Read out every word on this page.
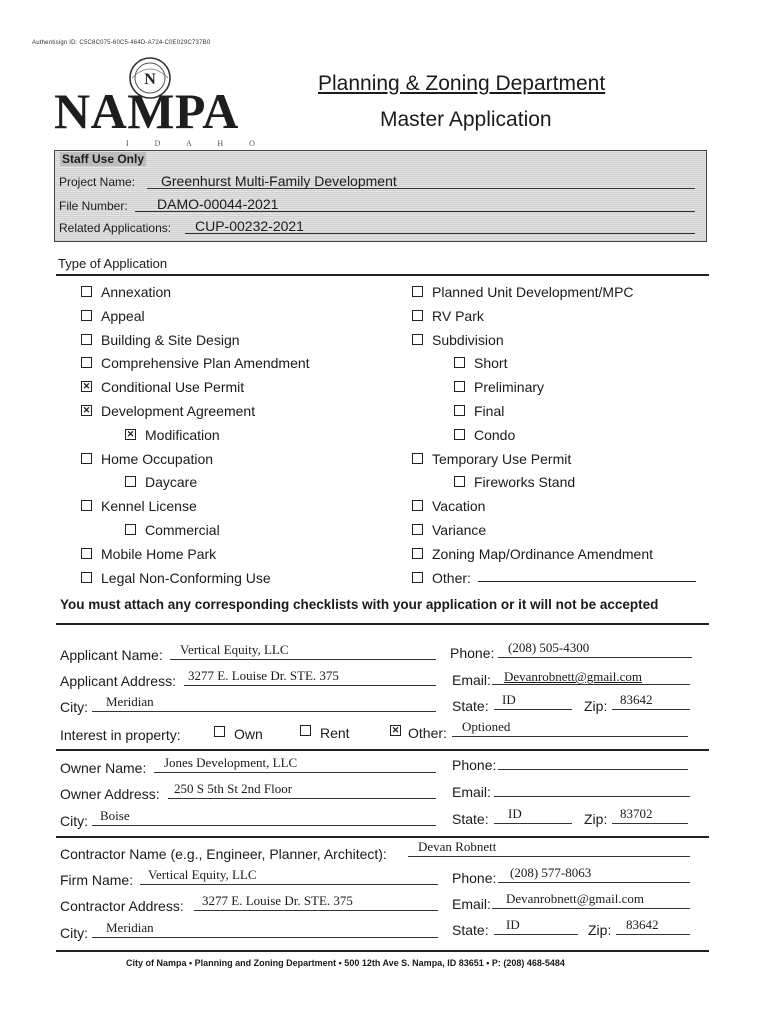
Authentisign ID: C5C8C075-60C5-464D-A724-C0E029C737B0
N
NAMPA
I D A H O
Planning & Zoning Department
Master Application
Staff Use Only
Project Name: Greenhurst Multi-Family Development
File Number: DAMO-00044-2021
Related Applications: CUP-00232-2021
Type of Application
Annexation
Appeal
Building & Site Design
Comprehensive Plan Amendment
✕ Conditional Use Permit
✕ Development Agreement
✕ Modification
Home Occupation
Daycare
Kennel License
Commercial
Mobile Home Park
Legal Non-Conforming Use
Planned Unit Development/MPC
RV Park
Subdivision
Short
Preliminary
Final
Condo
Temporary Use Permit
Fireworks Stand
Vacation
Variance
Zoning Map/Ordinance Amendment
Other:
You must attach any corresponding checklists with your application or it will not be accepted
Applicant Name: Vertical Equity, LLC	Phone: (208) 505-4300
Applicant Address: 3277 E. Louise Dr. STE. 375	Email: Devanrobnett@gmail.com
City: Meridian	State: ID	Zip: 83642
Interest in property:	Own	Rent	✕ Other: Optioned
Owner Name: Jones Development, LLC	Phone:
Owner Address: 250 S 5th St 2nd Floor	Email:
City: Boise	State: ID	Zip: 83702
Contractor Name (e.g., Engineer, Planner, Architect): Devan Robnett
Firm Name: Vertical Equity, LLC	Phone: (208) 577-8063
Contractor Address: 3277 E. Louise Dr. STE. 375	Email: Devanrobnett@gmail.com
City: Meridian	State: ID	Zip: 83642
City of Nampa • Planning and Zoning Department • 500 12th Ave S. Nampa, ID 83651 • P: (208) 468-5484
